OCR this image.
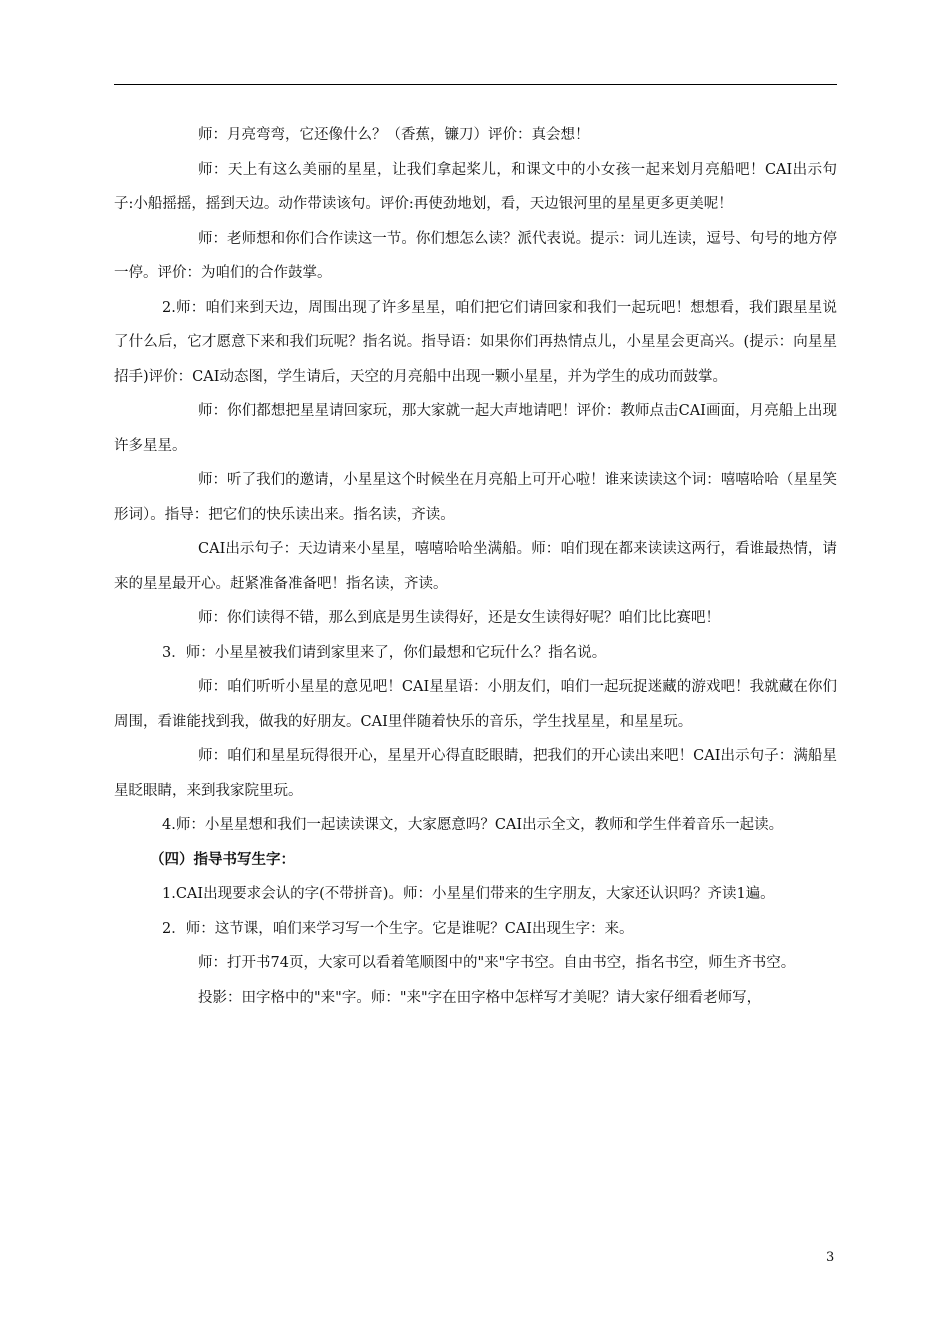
师：月亮弯弯，它还像什么？（香蕉，镰刀）评价：真会想！

师：天上有这么美丽的星星，让我们拿起桨儿，和课文中的小女孩一起来划月亮船吧！CAI出示句子:小船摇摇，摇到天边。动作带读该句。评价:再使劲地划，看，天边银河里的星星更多更美呢！

师：老师想和你们合作读这一节。你们想怎么读？派代表说。提示：词儿连读，逗号、句号的地方停一停。评价：为咱们的合作鼓掌。

2.师：咱们来到天边，周围出现了许多星星，咱们把它们请回家和我们一起玩吧！想想看，我们跟星星说了什么后，它才愿意下来和我们玩呢？指名说。指导语：如果你们再热情点儿，小星星会更高兴。(提示：向星星招手)评价：CAI动态图，学生请后，天空的月亮船中出现一颗小星星，并为学生的成功而鼓掌。

师：你们都想把星星请回家玩，那大家就一起大声地请吧！评价：教师点击CAI画面，月亮船上出现许多星星。

师：听了我们的邀请，小星星这个时候坐在月亮船上可开心啦！谁来读读这个词：嘻嘻哈哈（星星笑形词）。指导：把它们的快乐读出来。指名读，齐读。

CAI出示句子：天边请来小星星，嘻嘻哈哈坐满船。师：咱们现在都来读读这两行，看谁最热情，请来的星星最开心。赶紧准备准备吧！指名读，齐读。

师：你们读得不错，那么到底是男生读得好，还是女生读得好呢？咱们比比赛吧！

3．师：小星星被我们请到家里来了，你们最想和它玩什么？指名说。

师：咱们听听小星星的意见吧！CAI星星语：小朋友们，咱们一起玩捉迷藏的游戏吧！我就藏在你们周围，看谁能找到我，做我的好朋友。CAI里伴随着快乐的音乐，学生找星星，和星星玩。

师：咱们和星星玩得很开心，星星开心得直眨眼睛，把我们的开心读出来吧！CAI出示句子：满船星星眨眼睛，来到我家院里玩。

4.师：小星星想和我们一起读读课文，大家愿意吗？CAI出示全文，教师和学生伴着音乐一起读。

（四）指导书写生字：

1.CAI出现要求会认的字(不带拼音)。师：小星星们带来的生字朋友，大家还认识吗？齐读1遍。

2．师：这节课，咱们来学习写一个生字。它是谁呢？CAI出现生字：来。

师：打开书74页，大家可以看着笔顺图中的"来"字书空。自由书空，指名书空，师生齐书空。

投影：田字格中的"来"字。师："来"字在田字格中怎样写才美呢？请大家仔细看老师写，

3
